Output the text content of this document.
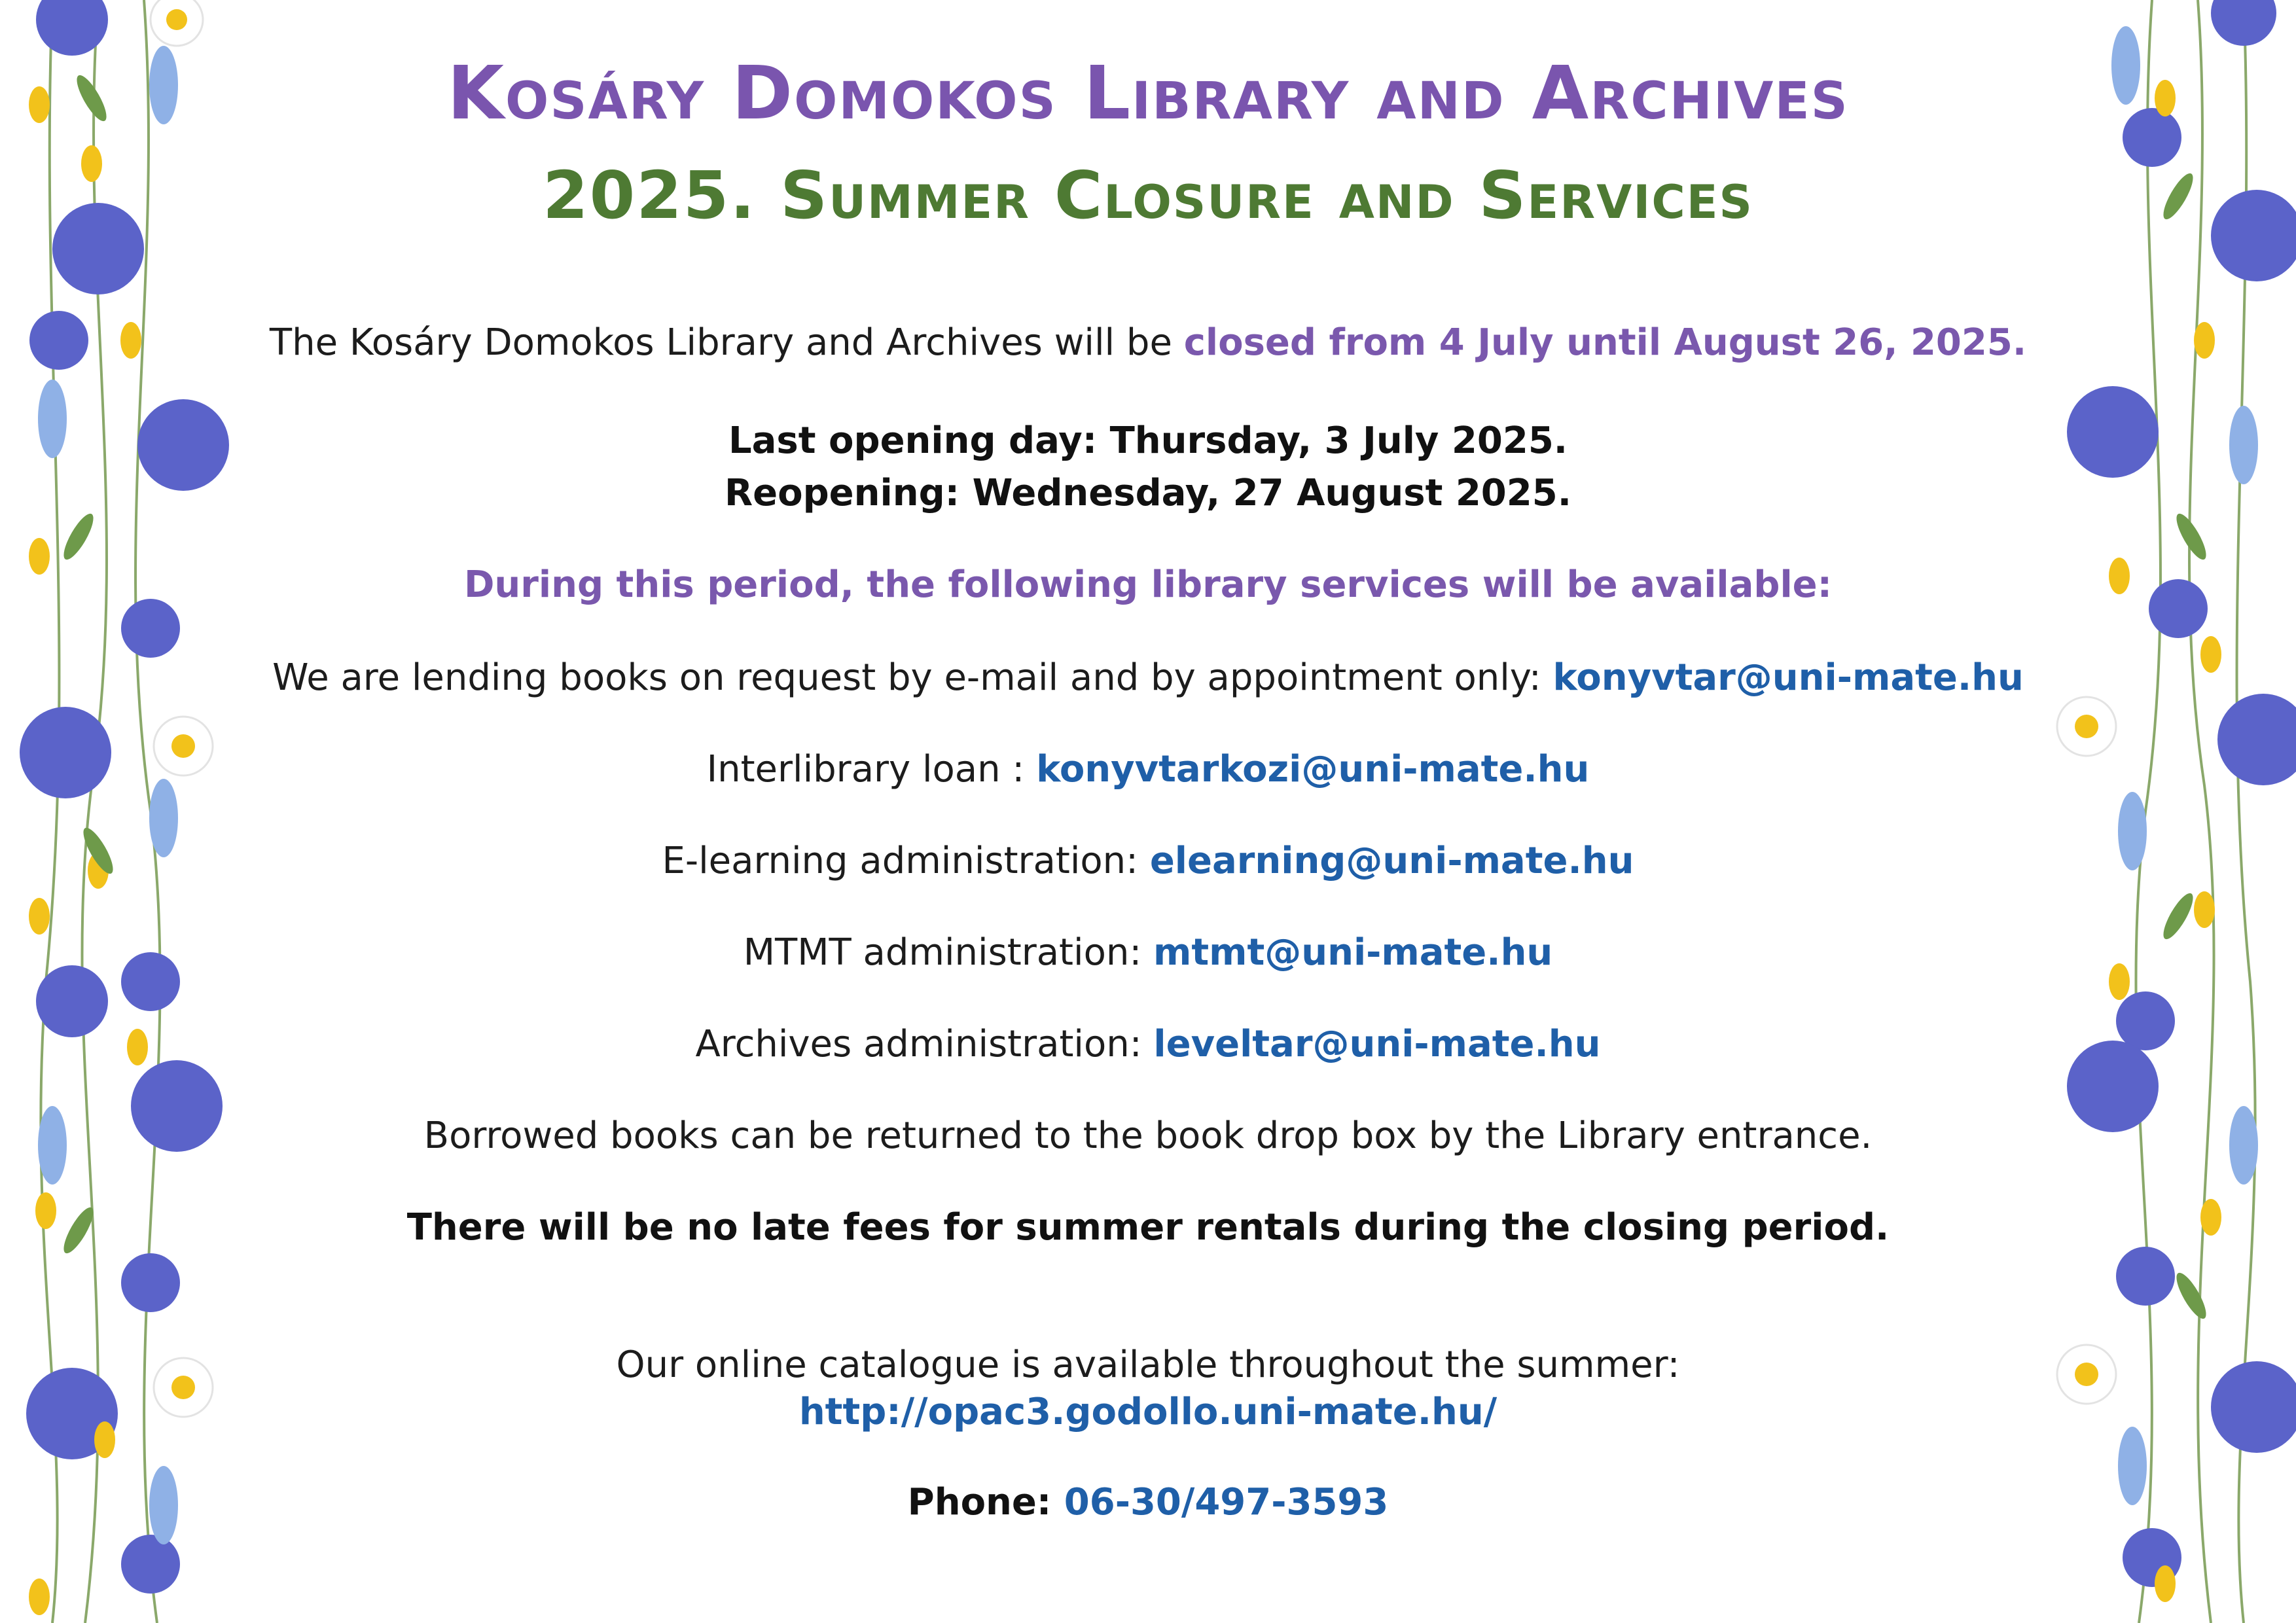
Kosáry Domokos Library and Archives
2025. Summer Closure and Services
The Kosáry Domokos Library and Archives will be closed from 4 July until August 26, 2025.
Last opening day: Thursday, 3 July 2025.
Reopening: Wednesday, 27 August 2025.
During this period, the following library services will be available:
We are lending books on request by e-mail and by appointment only: konyvtar@uni-mate.hu
Interlibrary loan : konyvtarkozi@uni-mate.hu
E-learning administration: elearning@uni-mate.hu
MTMT administration: mtmt@uni-mate.hu
Archives administration: leveltar@uni-mate.hu
Borrowed books can be returned to the book drop box by the Library entrance.
There will be no late fees for summer rentals during the closing period.
Our online catalogue is available throughout the summer:
http://opac3.godollo.uni-mate.hu/
Phone: 06-30/497-3593
